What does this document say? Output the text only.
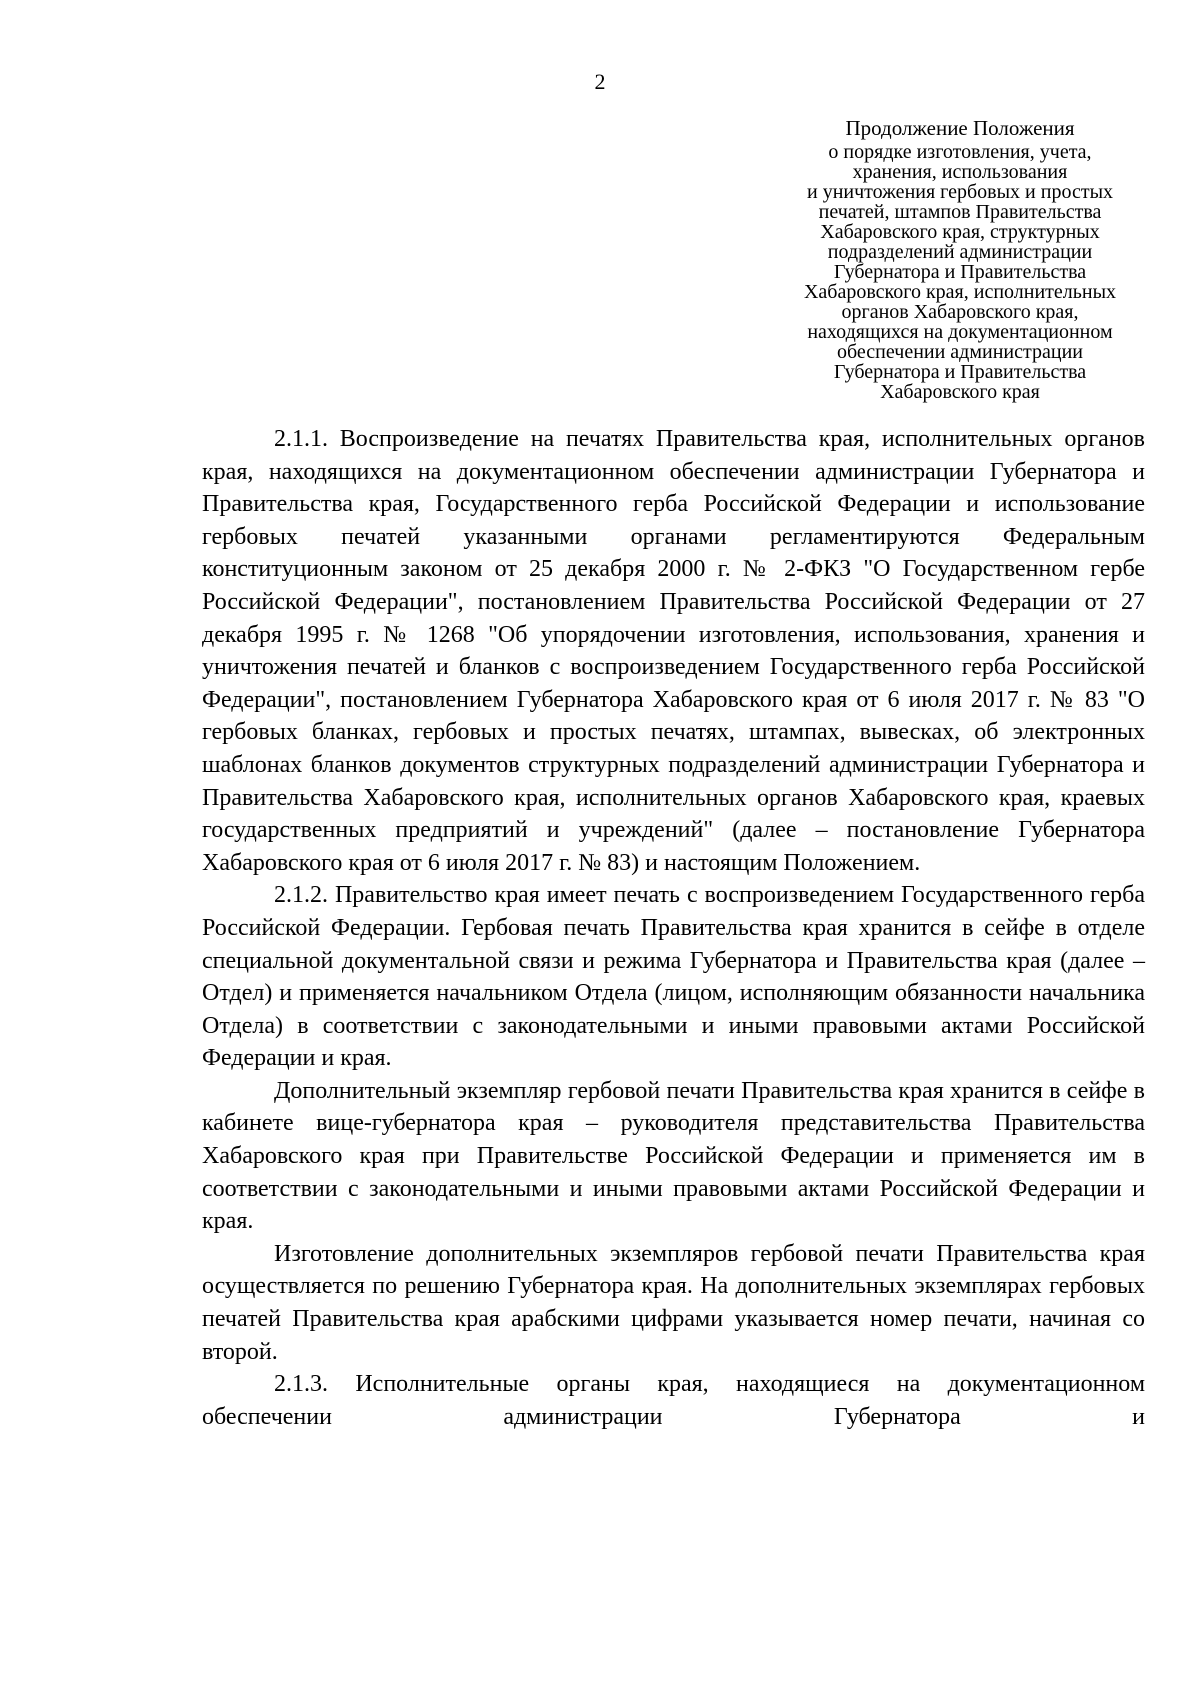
2
Продолжение Положения
о порядке изготовления, учета,
хранения, использования
и уничтожения гербовых и простых
печатей, штампов Правительства
Хабаровского края, структурных
подразделений администрации
Губернатора и Правительства
Хабаровского края, исполнительных
органов Хабаровского края,
находящихся на документационном
обеспечении администрации
Губернатора и Правительства
Хабаровского края

2.1.1. Воспроизведение на печатях Правительства края, исполнительных органов края, находящихся на документационном обеспечении администрации Губернатора и Правительства края, Государственного герба Российской Федерации и использование гербовых печатей указанными органами регламентируются Федеральным конституционным законом от 25 декабря 2000 г. № 2-ФКЗ "О Государственном гербе Российской Федерации", постановлением Правительства Российской Федерации от 27 декабря 1995 г. № 1268 "Об упорядочении изготовления, использования, хранения и уничтожения печатей и бланков с воспроизведением Государственного герба Российской Федерации", постановлением Губернатора Хабаровского края от 6 июля 2017 г. № 83 "О гербовых бланках, гербовых и простых печатях, штампах, вывесках, об электронных шаблонах бланков документов структурных подразделений администрации Губернатора и Правительства Хабаровского края, исполнительных органов Хабаровского края, краевых государственных предприятий и учреждений" (далее – постановление Губернатора Хабаровского края от 6 июля 2017 г. № 83) и настоящим Положением.

2.1.2. Правительство края имеет печать с воспроизведением Государственного герба Российской Федерации. Гербовая печать Правительства края хранится в сейфе в отделе специальной документальной связи и режима Губернатора и Правительства края (далее – Отдел) и применяется начальником Отдела (лицом, исполняющим обязанности начальника Отдела) в соответствии с законодательными и иными правовыми актами Российской Федерации и края.

Дополнительный экземпляр гербовой печати Правительства края хранится в сейфе в кабинете вице-губернатора края – руководителя представительства Правительства Хабаровского края при Правительстве Российской Федерации и применяется им в соответствии с законодательными и иными правовыми актами Российской Федерации и края.

Изготовление дополнительных экземпляров гербовой печати Правительства края осуществляется по решению Губернатора края. На дополнительных экземплярах гербовых печатей Правительства края арабскими цифрами указывается номер печати, начиная со второй.

2.1.3. Исполнительные органы края, находящиеся на документационном обеспечении администрации Губернатора и
